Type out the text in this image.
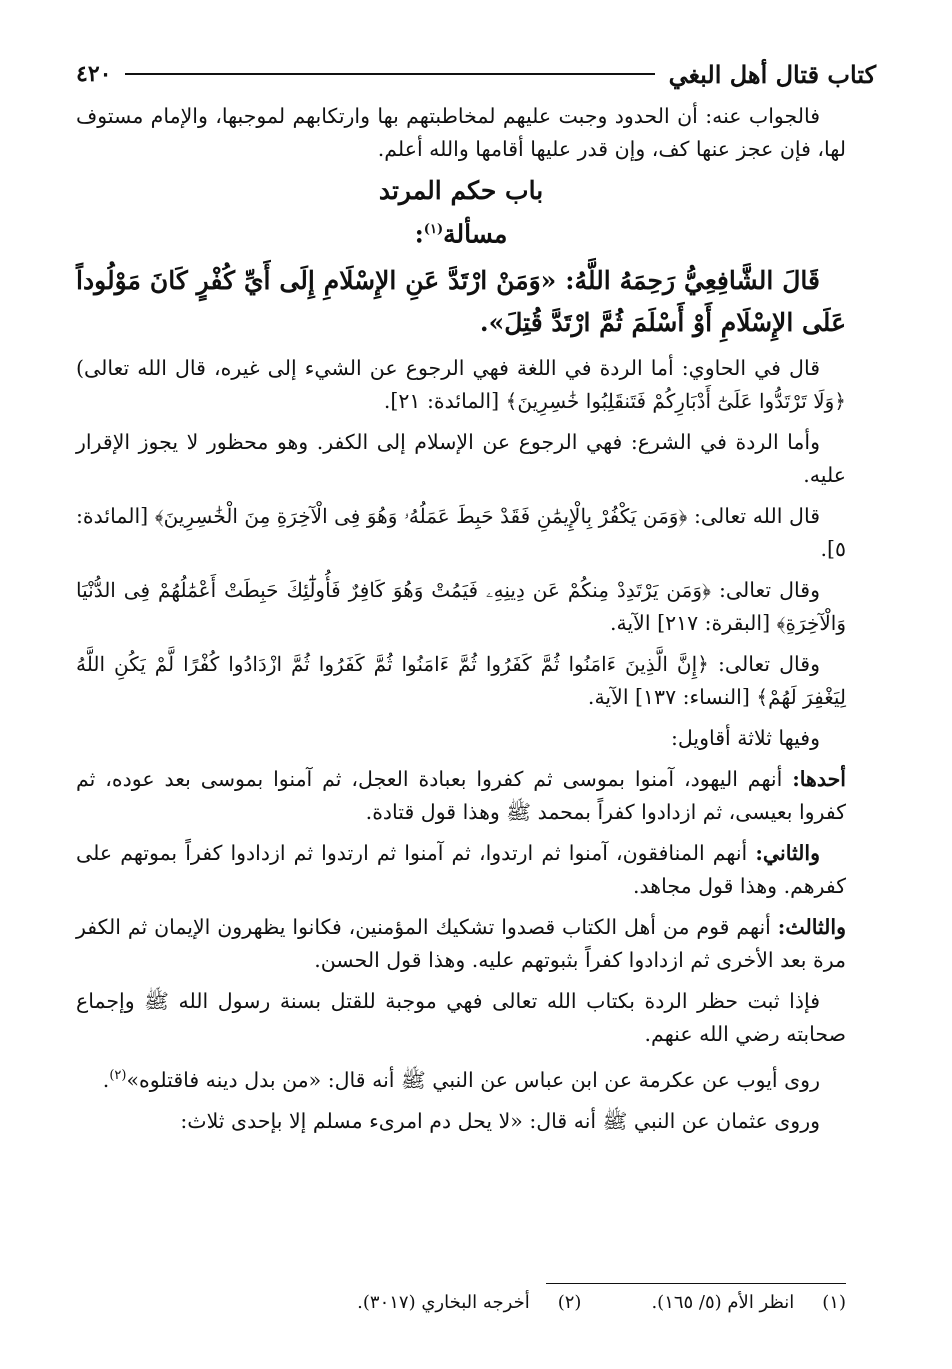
كتاب قتال أهل البغي
٤٢٠

فالجواب عنه: أن الحدود وجبت عليهم لمخاطبتهم بها وارتكابهم لموجبها، والإمام مستوف لها، فإن عجز عنها كف، وإن قدر عليها أقامها والله أعلم.

باب حكم المرتد

مسألة$^{(١)}$:

قَالَ الشَّافِعِيُّ رَحِمَهُ اللَّهُ: «وَمَنْ ارْتَدَّ عَنِ الإِسْلَامِ إِلَى أَيِّ كُفْرٍ كَانَ مَوْلُوداً عَلَى الإِسْلَامِ أَوْ أَسْلَمَ ثُمَّ ارْتَدَّ قُتِلَ».

قال في الحاوي: أما الردة في اللغة فهي الرجوع عن الشيء إلى غيره، قال الله تعالى) ﴿وَلَا تَرْتَدُّوا عَلَىٰٓ أَدْبَارِكُمْ فَتَنقَلِبُوا خَٰسِرِينَ﴾ [المائدة: ٢١].

وأما الردة في الشرع: فهي الرجوع عن الإسلام إلى الكفر. وهو محظور لا يجوز الإقرار عليه.

قال الله تعالى: ﴿وَمَن يَكْفُرْ بِالْإِيمَٰنِ فَقَدْ حَبِطَ عَمَلُهُۥ وَهُوَ فِى الْآخِرَةِ مِنَ الْخَٰسِرِينَ﴾ [المائدة: ٥].

وقال تعالى: ﴿وَمَن يَرْتَدِدْ مِنكُمْ عَن دِينِهِۦ فَيَمُتْ وَهُوَ كَافِرٌ فَأُولَٰٓئِكَ حَبِطَتْ أَعْمَٰلُهُمْ فِى الدُّنْيَا وَالْآخِرَةِ﴾ [البقرة: ٢١٧] الآية.

وقال تعالى: ﴿إِنَّ الَّذِينَ ءَامَنُوا ثُمَّ كَفَرُوا ثُمَّ ءَامَنُوا ثُمَّ كَفَرُوا ثُمَّ ازْدَادُوا كُفْرًا لَّمْ يَكُنِ اللَّهُ لِيَغْفِرَ لَهُمْ﴾ [النساء: ١٣٧] الآية.

وفيها ثلاثة أقاويل:

أحدها: أنهم اليهود، آمنوا بموسى ثم كفروا بعبادة العجل، ثم آمنوا بموسى بعد عوده، ثم كفروا بعيسى، ثم ازدادوا كفراً بمحمد ﷺ وهذا قول قتادة.

والثاني: أنهم المنافقون، آمنوا ثم ارتدوا، ثم آمنوا ثم ارتدوا ثم ازدادوا كفراً بموتهم على كفرهم. وهذا قول مجاهد.

والثالث: أنهم قوم من أهل الكتاب قصدوا تشكيك المؤمنين، فكانوا يظهرون الإيمان ثم الكفر مرة بعد الأخرى ثم ازدادوا كفراً بثبوتهم عليه. وهذا قول الحسن.

فإذا ثبت حظر الردة بكتاب الله تعالى فهي موجبة للقتل بسنة رسول الله ﷺ وإجماع صحابته رضي الله عنهم.

روى أيوب عن عكرمة عن ابن عباس عن النبي ﷺ أنه قال: «من بدل دينه فاقتلوه»$^{(٢)}$.

وروى عثمان عن النبي ﷺ أنه قال: «لا يحل دم امرىء مسلم إلا بإحدى ثلاث:

(١)انظر الأم (٥/ ١٦٥).
(٢)أخرجه البخاري (٣٠١٧).
